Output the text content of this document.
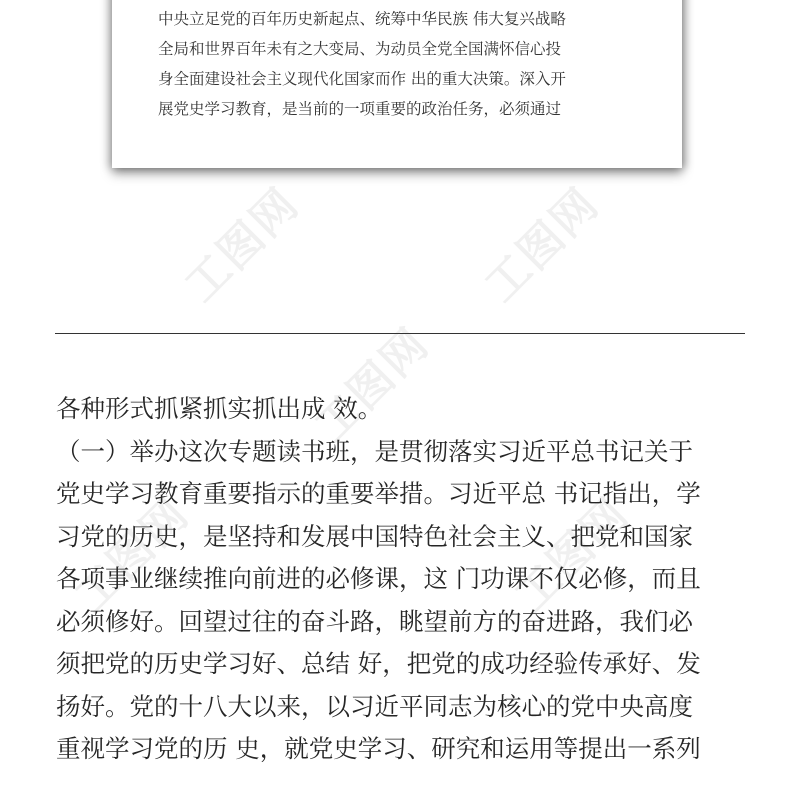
工图网	工图网
工图网
工图网	工图网

中央立足党的百年历史新起点、统筹中华民族 伟大复兴战略
全局和世界百年未有之大变局、为动员全党全国满怀信心投
身全面建设社会主义现代化国家而作 出的重大决策。深入开
展党史学习教育，是当前的一项重要的政治任务，必须通过

各种形式抓紧抓实抓出成 效。
（一）举办这次专题读书班，是贯彻落实习近平总书记关于
党史学习教育重要指示的重要举措。习近平总 书记指出，学
习党的历史，是坚持和发展中国特色社会主义、把党和国家
各项事业继续推向前进的必修课，这 门功课不仅必修，而且
必须修好。回望过往的奋斗路，眺望前方的奋进路，我们必
须把党的历史学习好、总结 好，把党的成功经验传承好、发
扬好。党的十八大以来，以习近平同志为核心的党中央高度
重视学习党的历 史，就党史学习、研究和运用等提出一系列
